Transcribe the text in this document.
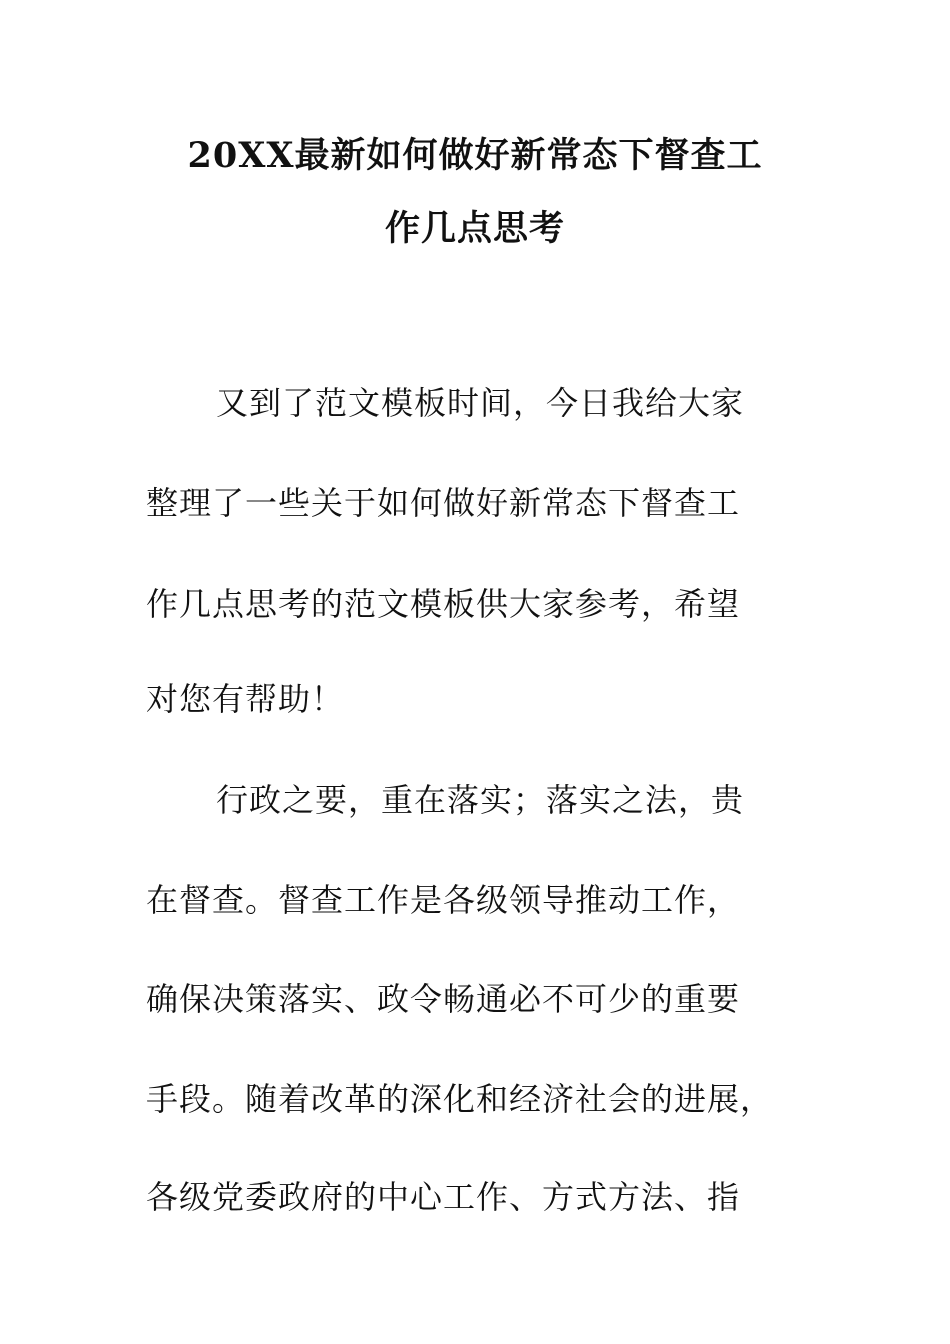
20XX最新如何做好新常态下督查工
作几点思考
又到了范文模板时间，今日我给大家
整理了一些关于如何做好新常态下督查工
作几点思考的范文模板供大家参考，希望
对您有帮助！
行政之要，重在落实；落实之法，贵
在督查。督查工作是各级领导推动工作，
确保决策落实、政令畅通必不可少的重要
手段。随着改革的深化和经济社会的进展，
各级党委政府的中心工作、方式方法、指
